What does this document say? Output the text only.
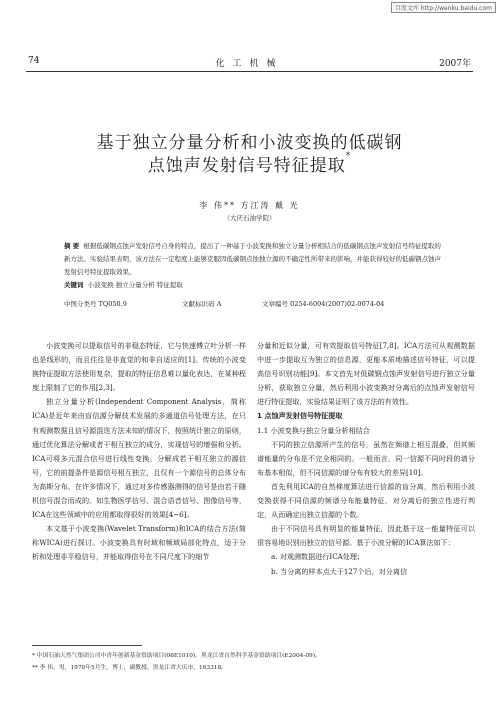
百度文库 http://wenku.baidu.com
74	化工机械	2007年
基于独立分量分析和小波变换的低碳钢
点蚀声发射信号特征提取*
李 伟** 方江涛 戴 光
（大庆石油学院）
摘 要 根据低碳钢点蚀声发射信号自身的特点，提出了一种基于小波变换和独立分量分析相结合的低碳钢点蚀声发射信号特征提取的新方法。实验结果表明，该方法在一定程度上能够克服因低碳钢点蚀独立源的不确定性所带来的影响，并能获得较好的低碳钢点蚀声发射信号特征提取效果。
关键词 小波变换 独立分量分析 特征提取
中图分类号 TQ050.9	文献标识码 A	文章编号 0254-6094(2007)02-0074-04

小波变换可以提取信号的非稳态特征，它与快速傅立叶分析一样也是线形的，而且往往是非直觉的和非自适应的[1]。传统的小波变换特征提取方法使用复杂，提取的特征信息难以量化表达，在某种程度上限制了它的作用[2,3]。

独立分量分析(Independent Component Analysis，简称ICA)是近年来由盲信源分解技术发展的多通道信号处理方法，在只有观测数据且信号源混迭方法未知的情况下，按照统计独立的原则，通过优化算法分解或者干相互独立的成分，实现信号的增强和分析。ICA可将多元混合信号进行线性变换，分解成若干相互独立的源信号，它的前提条件是源信号相互独立，且仅有一个源信号的总体分布为高斯分布。在许多情况下，通过对多传感器测得的信号是由若干随机信号混合而成的。如生物医学信号、混合语音信号、图像信号等，ICA在这些领域中的应用都取得很好的效果[4~6]。

本文基于小波变换(Wavelet Transform)和ICA的结合方法(简称WICA)进行探讨。小波变换具有时域和频域局部化特点，适于分析和处理非平稳信号，并能取得信号在不同尺度下的细节

分量和近似分量，可有效提取信号特征[7,8]。ICA方法可从观测数据中进一步提取互为独立的信息源，更能本质地描述信号特征，可以提高信号识别功能[9]。本文首先对低碳钢点蚀声发射信号进行独立分量分析，获取独立分量，然后利用小波变换对分离后的点蚀声发射信号进行特征提取，实验结果证明了该方法的有效性。

1 点蚀声发射信号特征提取

1.1 小波变换与独立分量分析相结合

不同的独立信源所产生的信号，虽然在频谱上相互混叠，但其频谱能量的分布是不完全相同的。一般而言，同一信源不同时段的谱分布基本相似，但不同信源的谱分布有较大的差异[10]。

首先利用ICA的自然梯度算法进行信源的盲分离，然后利用小波变换获得不同信源的频谱分布能量特征，对分离后的独立性进行判定，从而确定出独立信源的个数。

由于不同信号具有明显的能量特征，因此基于这一能量特征可以很容易地识别出独立的信号源。基于小波分解的ICA算法如下：

a. 对观测数据进行ICA处理；

b. 当分离的样本点大于127个后，对分离信

* 中国石油天然气集团公司中青年创新基金资助项目(06E1010)，黑龙江省自然科学基金资助项目(E2004-09)。
** 李 伟，男，1970年5月生，博士，副教授。黑龙江省大庆市，163318。
